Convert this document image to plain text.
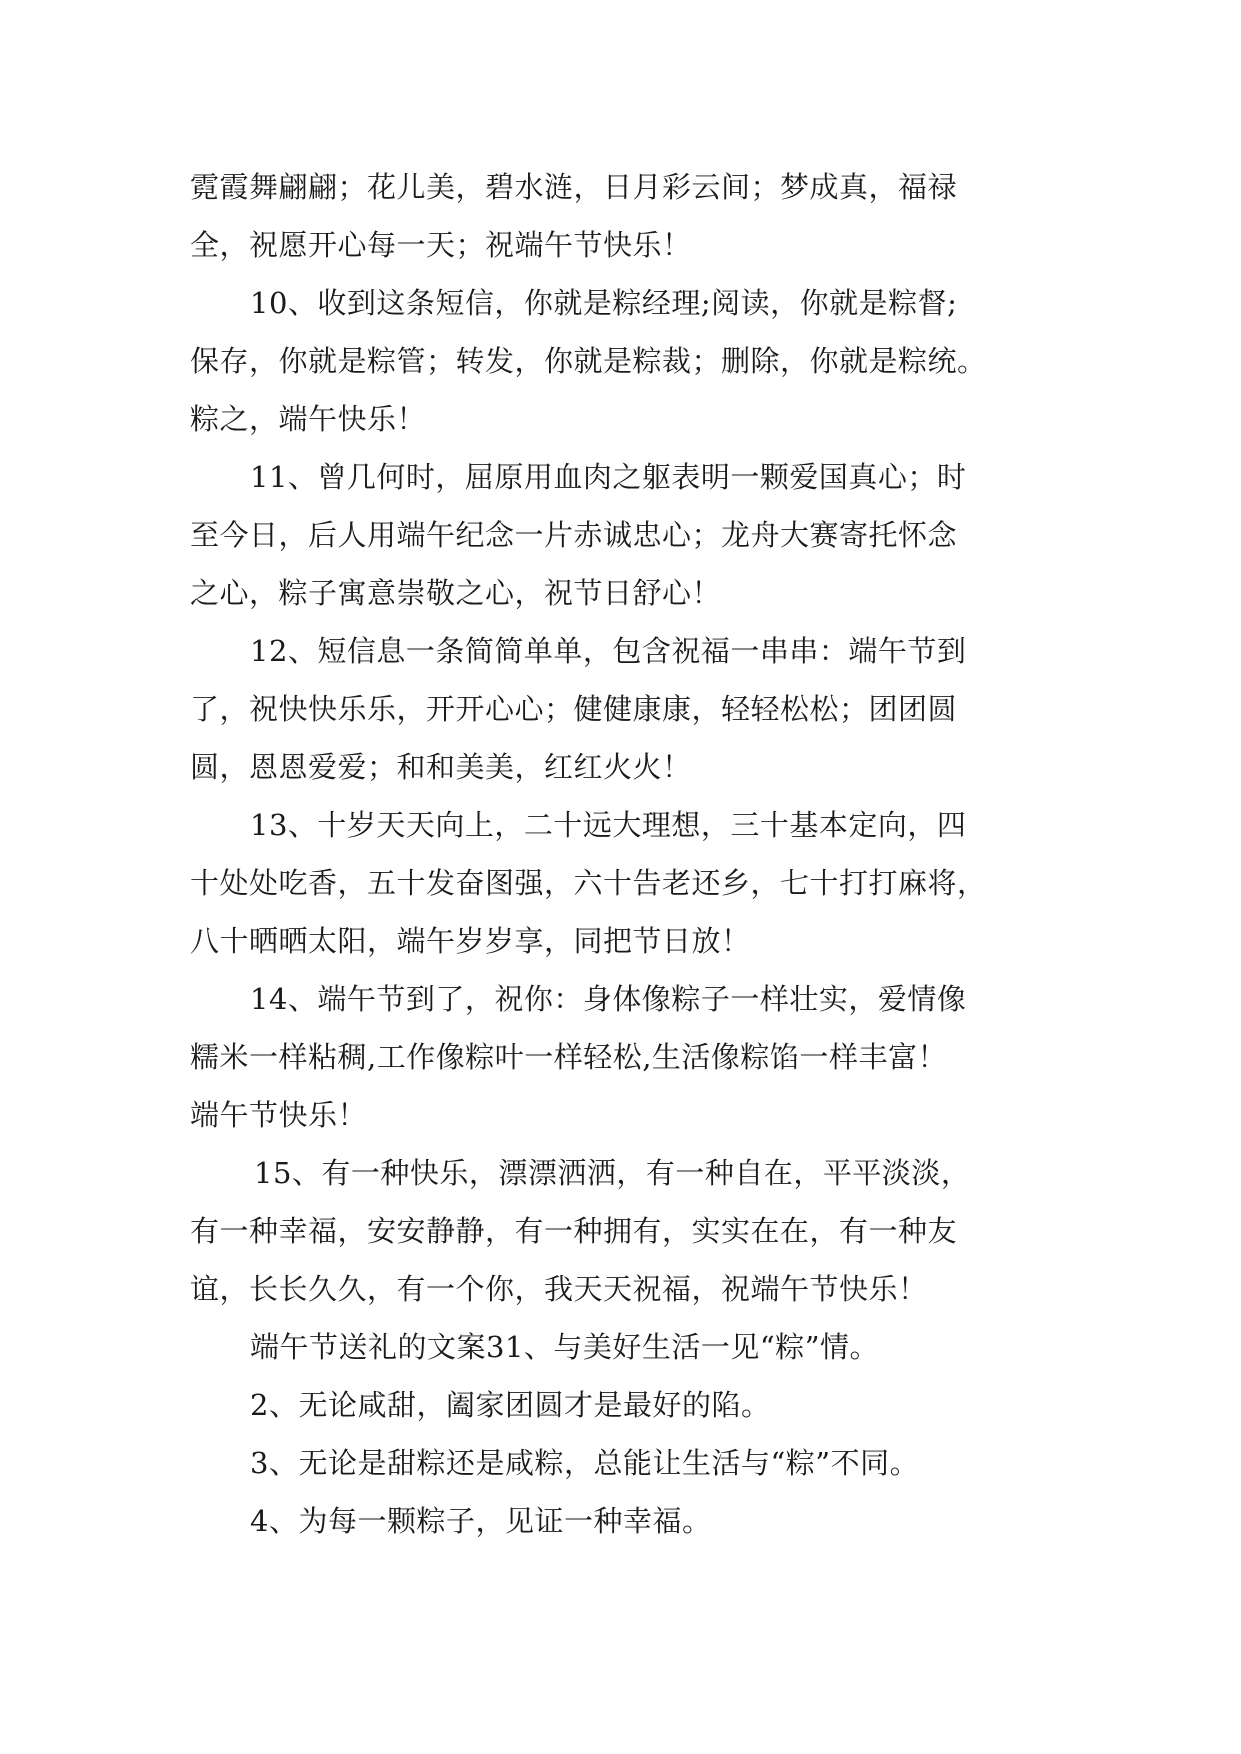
霓霞舞翩翩；花儿美，碧水涟，日月彩云间；梦成真，福禄
全，祝愿开心每一天；祝端午节快乐！
10、收到这条短信，你就是粽经理;阅读，你就是粽督;
保存，你就是粽管；转发，你就是粽裁；删除，你就是粽统。
粽之，端午快乐！
11、曾几何时，屈原用血肉之躯表明一颗爱国真心；时
至今日，后人用端午纪念一片赤诚忠心；龙舟大赛寄托怀念
之心，粽子寓意崇敬之心，祝节日舒心！
12、短信息一条简简单单，包含祝福一串串：端午节到
了，祝快快乐乐，开开心心；健健康康，轻轻松松；团团圆
圆，恩恩爱爱；和和美美，红红火火！
13、十岁天天向上，二十远大理想，三十基本定向，四
十处处吃香，五十发奋图强，六十告老还乡，七十打打麻将，
八十晒晒太阳，端午岁岁享，同把节日放！
14、端午节到了，祝你：身体像粽子一样壮实，爱情像
糯米一样粘稠,工作像粽叶一样轻松,生活像粽馅一样丰富！
端午节快乐！
15、有一种快乐，漂漂洒洒，有一种自在，平平淡淡，
有一种幸福，安安静静，有一种拥有，实实在在，有一种友
谊，长长久久，有一个你，我天天祝福，祝端午节快乐！
端午节送礼的文案31、与美好生活一见“粽”情。
2、无论咸甜，阖家团圆才是最好的陷。
3、无论是甜粽还是咸粽，总能让生活与“粽”不同。
4、为每一颗粽子，见证一种幸福。
